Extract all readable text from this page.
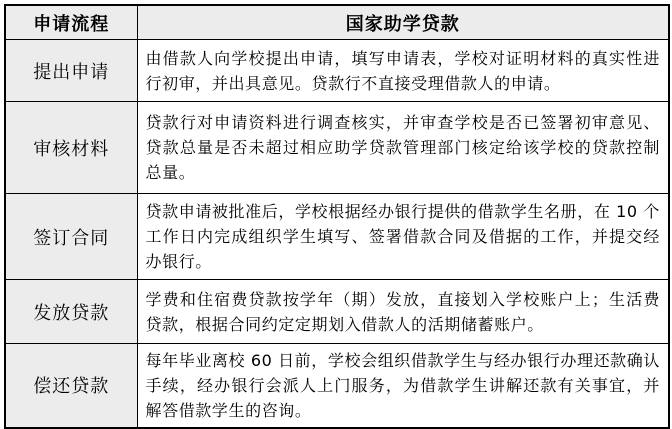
申请流程	国家助学贷款
提出申请	由借款人向学校提出申请，填写申请表，学校对证明材料的真实性进行初审，并出具意见。贷款行不直接受理借款人的申请。
审核材料	贷款行对申请资料进行调查核实，并审查学校是否已签署初审意见、贷款总量是否未超过相应助学贷款管理部门核定给该学校的贷款控制总量。
签订合同	贷款申请被批准后，学校根据经办银行提供的借款学生名册，在 10 个工作日内完成组织学生填写、签署借款合同及借据的工作，并提交经办银行。
发放贷款	学费和住宿费贷款按学年（期）发放，直接划入学校账户上；生活费贷款，根据合同约定定期划入借款人的活期储蓄账户。
偿还贷款	每年毕业离校 60 日前，学校会组织借款学生与经办银行办理还款确认手续，经办银行会派人上门服务，为借款学生讲解还款有关事宜，并解答借款学生的咨询。
